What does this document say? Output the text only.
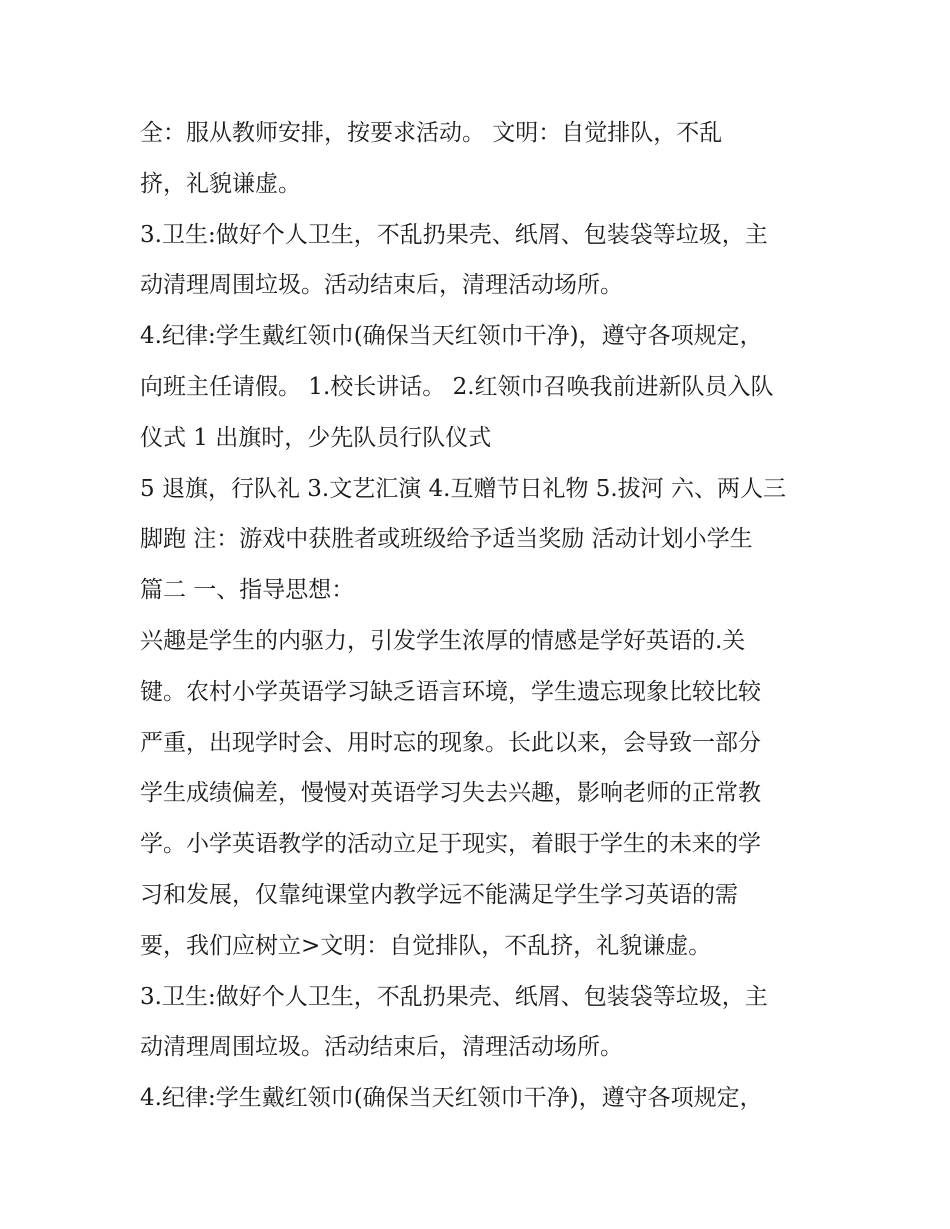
全：服从教师安排，按要求活动。 文明：自觉排队，不乱
挤，礼貌谦虚。
3.卫生:做好个人卫生，不乱扔果壳、纸屑、包装袋等垃圾，主
动清理周围垃圾。活动结束后，清理活动场所。
4.纪律:学生戴红领巾(确保当天红领巾干净)，遵守各项规定，
向班主任请假。 1.校长讲话。 2.红领巾召唤我前进新队员入队
仪式 1 出旗时，少先队员行队仪式
5 退旗，行队礼 3.文艺汇演 4.互赠节日礼物 5.拔河 六、两人三
脚跑 注：游戏中获胜者或班级给予适当奖励 活动计划小学生
篇二 一、指导思想：
兴趣是学生的内驱力，引发学生浓厚的情感是学好英语的.关
键。农村小学英语学习缺乏语言环境，学生遗忘现象比较比较
严重，出现学时会、用时忘的现象。长此以来，会导致一部分
学生成绩偏差，慢慢对英语学习失去兴趣，影响老师的正常教
学。小学英语教学的活动立足于现实，着眼于学生的未来的学
习和发展，仅靠纯课堂内教学远不能满足学生学习英语的需
要，我们应树立>文明：自觉排队，不乱挤，礼貌谦虚。
3.卫生:做好个人卫生，不乱扔果壳、纸屑、包装袋等垃圾，主
动清理周围垃圾。活动结束后，清理活动场所。
4.纪律:学生戴红领巾(确保当天红领巾干净)，遵守各项规定，
